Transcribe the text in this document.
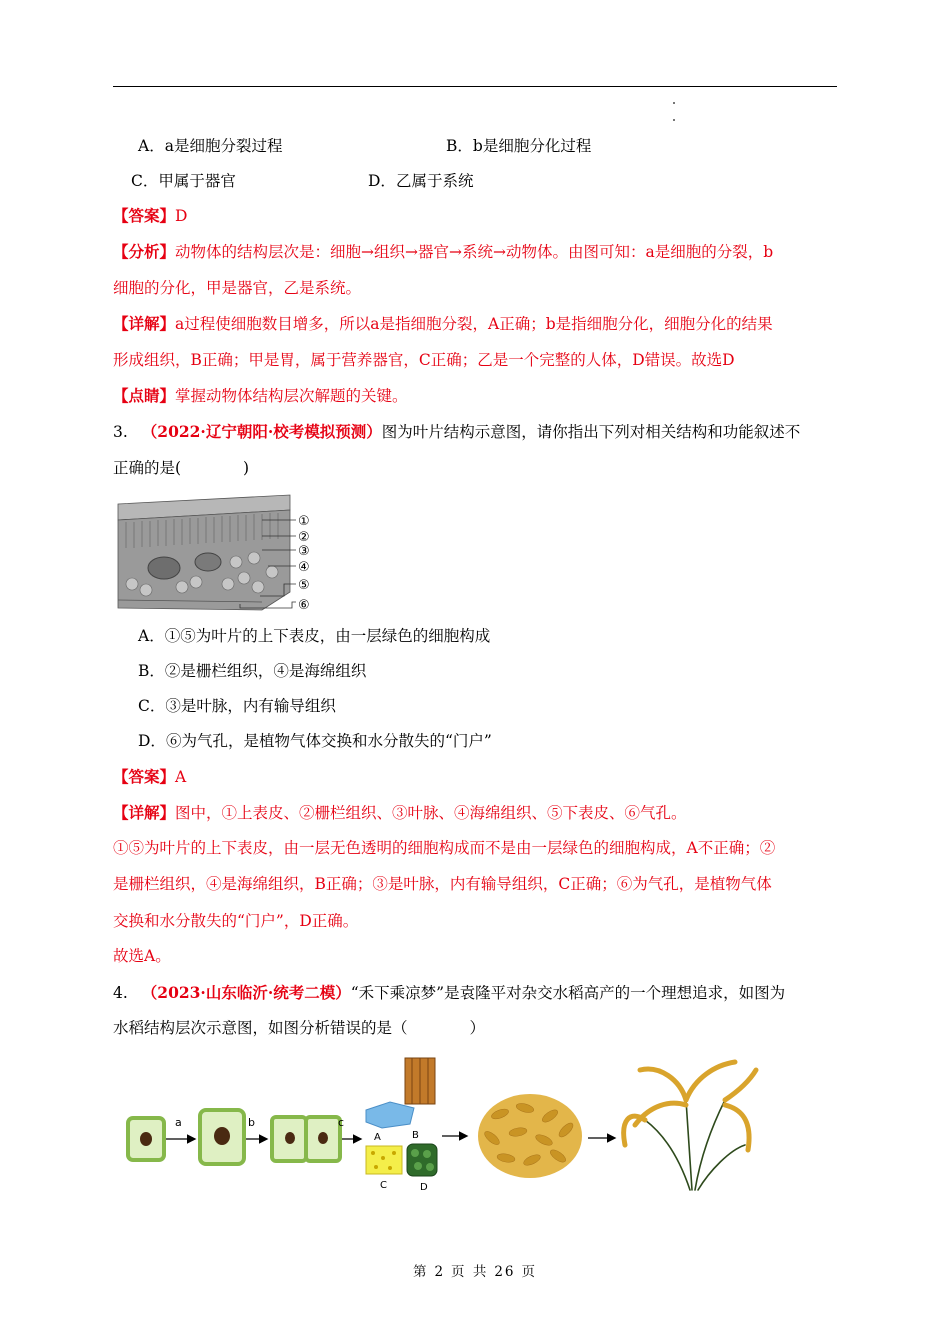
A．a是细胞分裂过程	B．b是细胞分化过程
C．甲属于器官	D．乙属于系统
【答案】D
【分析】动物体的结构层次是：细胞→组织→器官→系统→动物体。由图可知：a是细胞的分裂，b
细胞的分化，甲是器官，乙是系统。
【详解】a过程使细胞数目增多，所以a是指细胞分裂，A正确；b是指细胞分化，细胞分化的结果
形成组织，B正确；甲是胃，属于营养器官，C正确；乙是一个完整的人体，D错误。故选D
【点睛】掌握动物体结构层次解题的关键。
3. （2022·辽宁朝阳·校考模拟预测）图为叶片结构示意图，请你指出下列对相关结构和功能叙述不
正确的是(　　　　)
①
②
③
④
⑤
⑥
A．①⑤为叶片的上下表皮，由一层绿色的细胞构成
B．②是栅栏组织，④是海绵组织
C．③是叶脉，内有输导组织
D．⑥为气孔，是植物气体交换和水分散失的“门户”
【答案】A
【详解】图中，①上表皮、②栅栏组织、③叶脉、④海绵组织、⑤下表皮、⑥气孔。
①⑤为叶片的上下表皮，由一层无色透明的细胞构成而不是由一层绿色的细胞构成，A不正确；②
是栅栏组织，④是海绵组织，B正确；③是叶脉，内有输导组织，C正确；⑥为气孔，是植物气体
交换和水分散失的“门户”，D正确。
故选A。
4. （2023·山东临沂·统考二模）“禾下乘凉梦”是袁隆平对杂交水稻高产的一个理想追求，如图为
水稻结构层次示意图，如图分析错误的是（　　　　）
a	b	c
A	B
C	D
第 2 页 共 26 页
